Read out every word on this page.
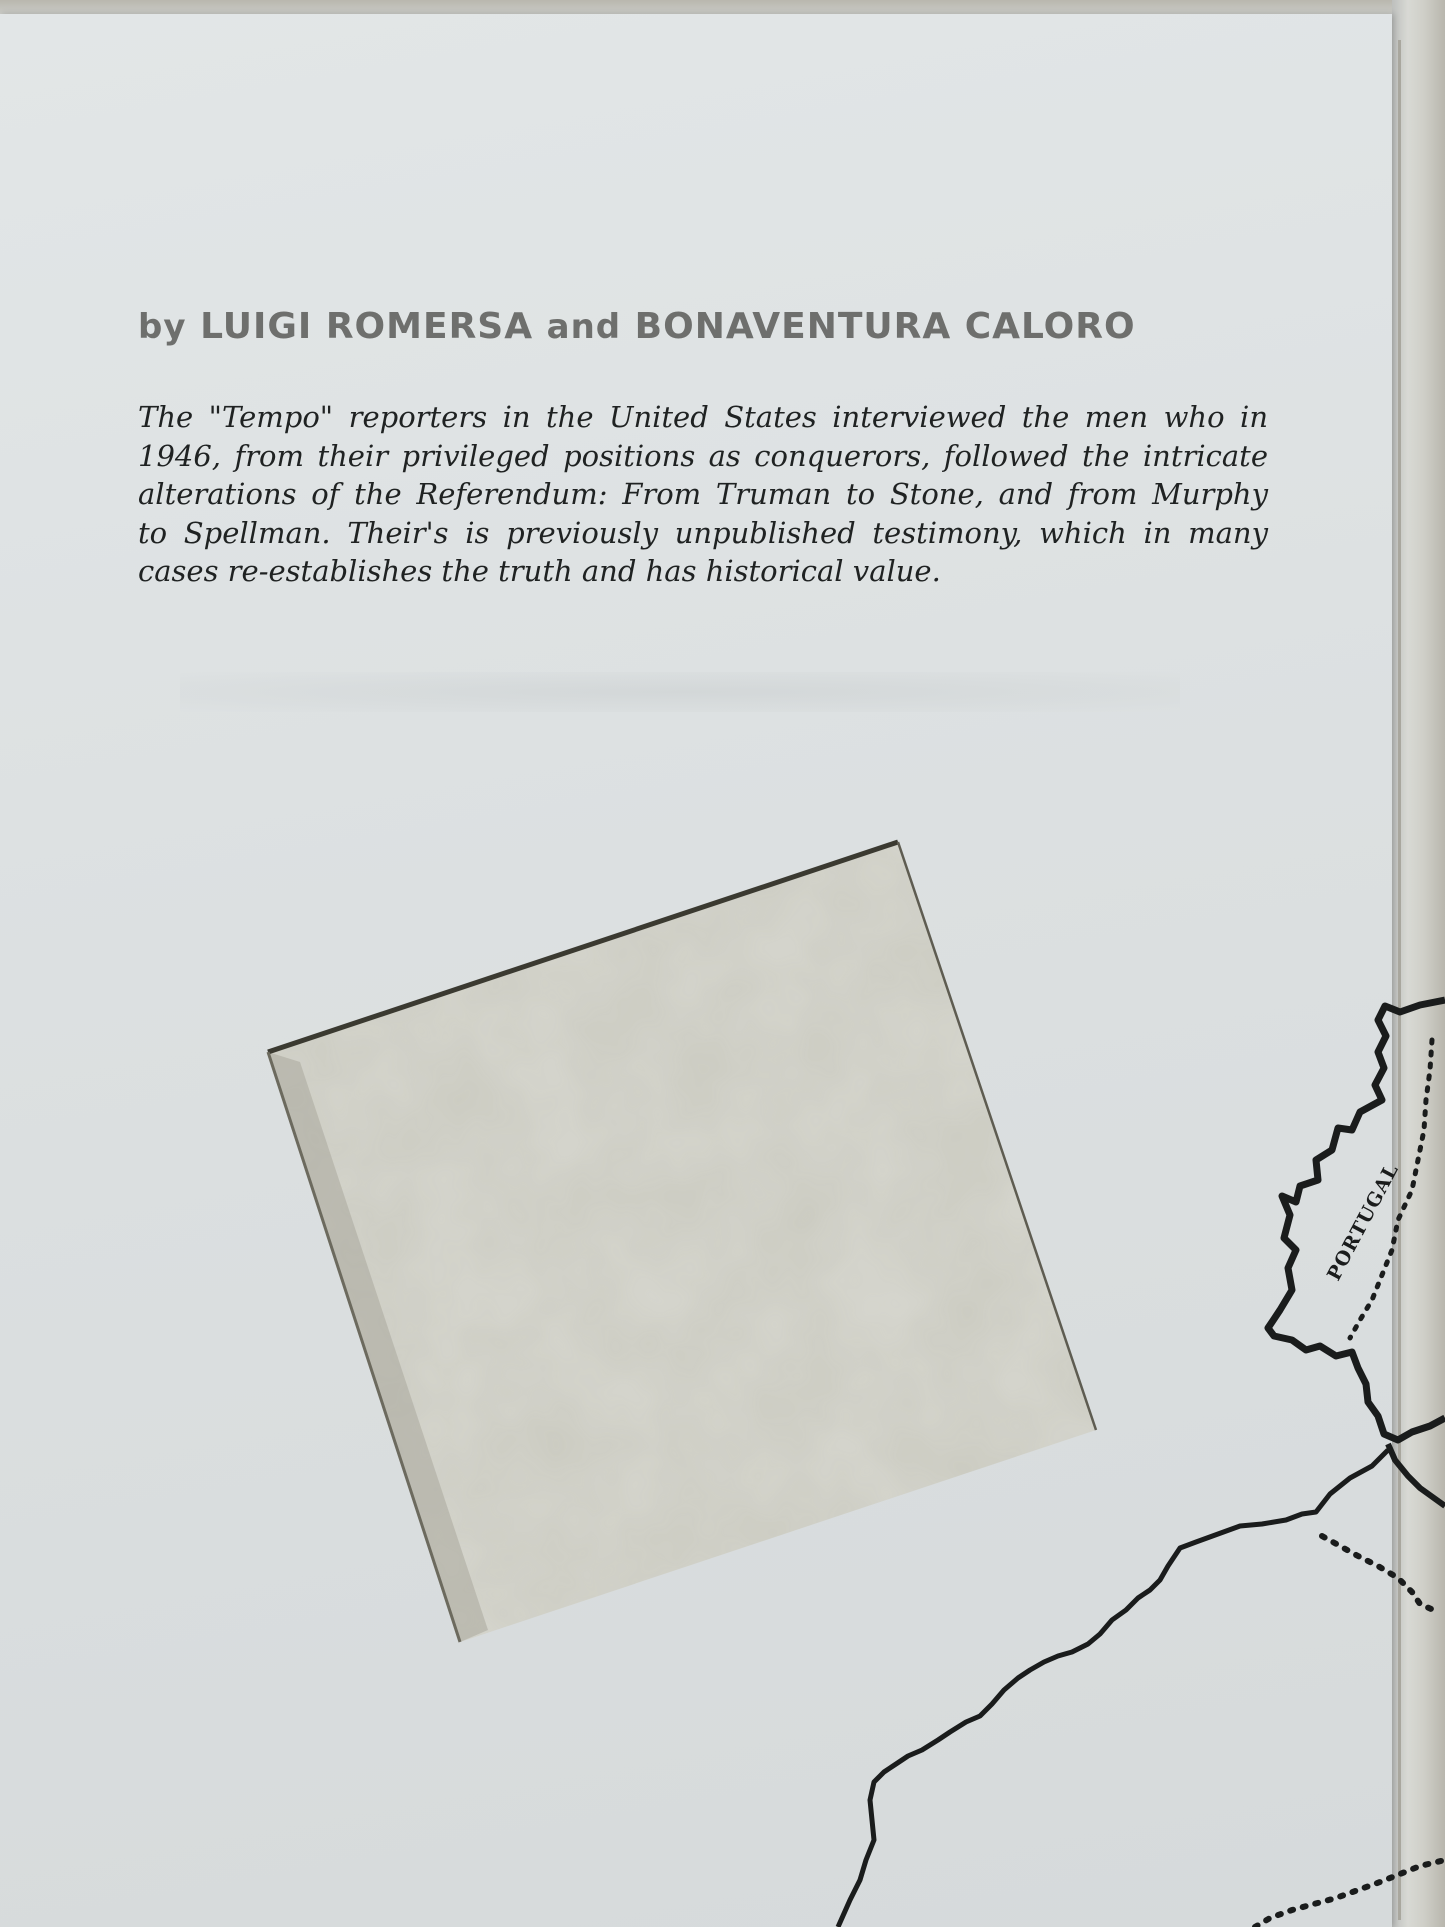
by LUIGI ROMERSA and BONAVENTURA CALORO
The "Tempo" reporters in the United States interviewed the men who in
1946, from their privileged positions as conquerors, followed the intricate
alterations of the Referendum: From Truman to Stone, and from Murphy
to Spellman. Their's is previously unpublished testimony, which in many
cases re-establishes the truth and has historical value.
PORTUGAL
